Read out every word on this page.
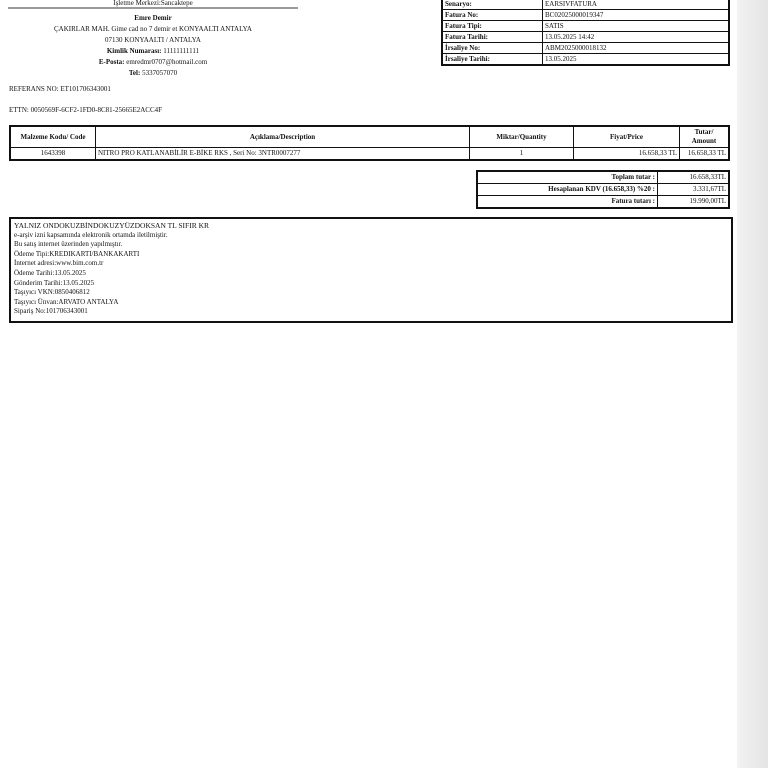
İşletme Merkezi:Sancaktepe
Emre Demir
ÇAKIRLAR MAH. Gime cad no 7 demir et KONYAALTI ANTALYA
07130 KONYAALTI / ANTALYA
Kimlik Numarası: 11111111111
E-Posta: emredmr0707@hotmail.com
Tel: 5337057070
REFERANS NO: ET101706343001
ETTN: 0050569F-6CF2-1FD0-8C81-25665E2ACC4F
Senaryo:	EARSIVFATURA
Fatura No:	BC02025000019347
Fatura Tipi:	SATIS
Fatura Tarihi:	13.05.2025 14:42
İrsaliye No:	ABM2025000018132
İrsaliye Tarihi:	13.05.2025
Malzeme Kodu/ Code	Açıklama/Description	Miktar/Quantity	Fiyat/Price	Tutar/ Amount
1643398	NITRO PRO KATLANABİLİR E-BİKE RKS , Seri No: 3NTR0007277	1	16.658,33 TL	16.658,33 TL
Toplam tutar :	16.658,33TL
Hesaplanan KDV (16.658,33) %20 :	3.331,67TL
Fatura tutarı :	19.990,00TL
YALNIZ ONDOKUZBİNDOKUZYÜZDOKSAN TL SIFIR KR
e-arşiv izni kapsamında elektronik ortamda iletilmiştir.
Bu satış internet üzerinden yapılmıştır.
Ödeme Tipi:KREDIKARTI/BANKAKARTI
İnternet adresi:www.bim.com.tr
Ödeme Tarihi:13.05.2025
Gönderim Tarihi:13.05.2025
Taşıyıcı VKN:0850406812
Taşıyıcı Ünvan:ARVATO ANTALYA
Sipariş No:101706343001
